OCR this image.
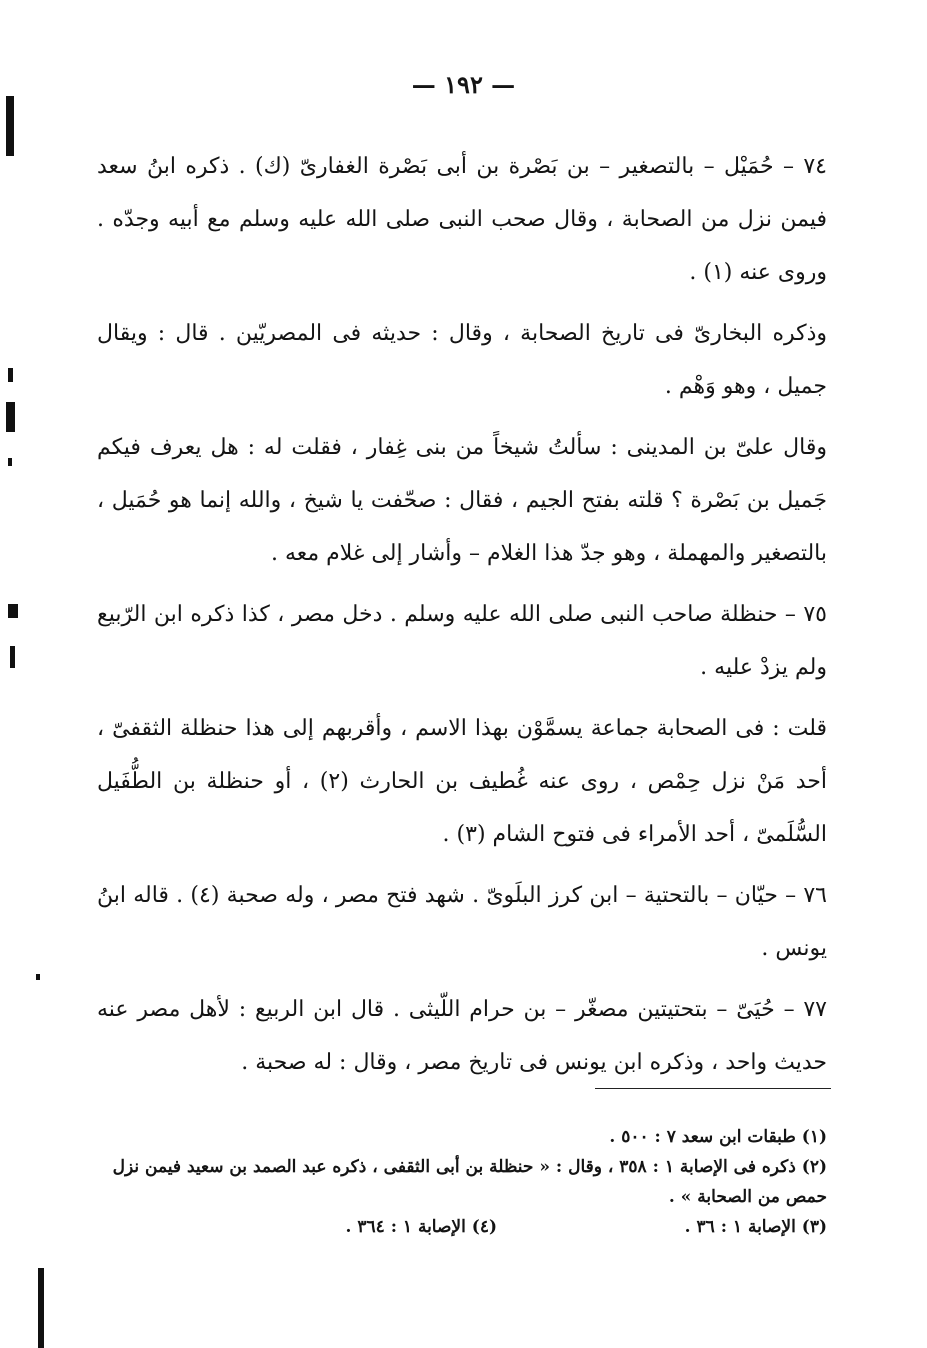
— ١٩٢ —

٧٤ – حُمَيْل – بالتصغير – بن بَصْرة بن أبى بَصْرة الغفارىّ (ك) . ذكره ابنُ سعد فيمن نزل من الصحابة ، وقال صحب النبى صلى الله عليه وسلم مع أبيه وجدّه . وروى عنه (١) .

وذكره البخارىّ فى تاريخ الصحابة ، وقال : حديثه فى المصريّين . قال : ويقال جميل ، وهو وَهْم .

وقال علىّ بن المدينى : سألتُ شيخاً من بنى غِفار ، فقلت له : هل يعرف فيكم جَميل بن بَصْرة ؟ قلته بفتح الجيم ، فقال : صحّفت يا شيخ ، والله إنما هو حُمَيل ، بالتصغير والمهملة ، وهو جدّ هذا الغلام – وأشار إلى غلام معه .

٧٥ – حنظلة صاحب النبى صلى الله عليه وسلم . دخل مصر ، كذا ذكره ابن الرّبيع ولم يزدْ عليه .

قلت : فى الصحابة جماعة يسمَّوْن بهذا الاسم ، وأقربهم إلى هذا حنظلة الثقفىّ ، أحد مَنْ نزل حِمْص ، روى عنه غُطيف بن الحارث (٢) ، أو حنظلة بن الطُّفَيل السُّلَمىّ ، أحد الأمراء فى فتوح الشام (٣) .

٧٦ – حيّان – بالتحتية – ابن كرز البلَوىّ . شهد فتح مصر ، وله صحبة (٤) . قاله ابنُ يونس .

٧٧ – حُيَىّ – بتحتيتين مصغّر – بن حرام اللّيثى . قال ابن الربيع : لأهل مصر عنه حديث واحد ، وذكره ابن يونس فى تاريخ مصر ، وقال : له صحبة .

(١) طبقات ابن سعد ٧ : ٥٠٠ .

(٢) ذكره فى الإصابة ١ : ٣٥٨ ، وقال : « حنظلة بن أبى الثقفى ، ذكره عبد الصمد بن سعيد فيمن نزل حمص من الصحابة » .

(٣) الإصابة ١ : ٣٦ .

(٤) الإصابة ١ : ٣٦٤ .
